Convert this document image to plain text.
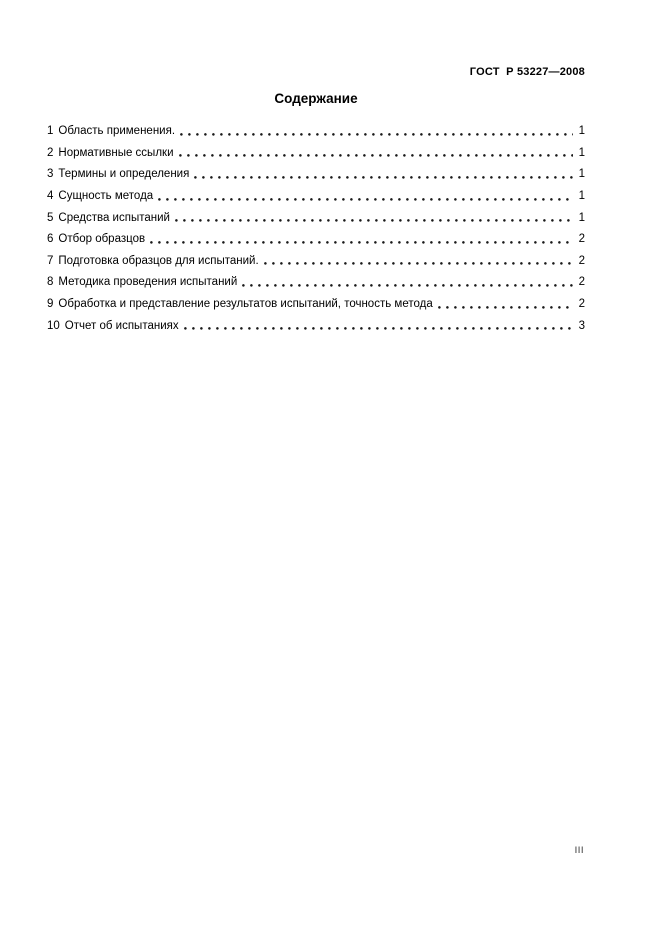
ГОСТ  Р 53227—2008
Содержание
1 Область применения.	1
2 Нормативные ссылки	1
3 Термины и определения	1
4 Сущность метода	1
5 Средства испытаний	1
6 Отбор образцов	2
7 Подготовка образцов для испытаний.	2
8 Методика проведения испытаний	2
9 Обработка и представление результатов испытаний, точность метода	2
10 Отчет об испытаниях	3
III
